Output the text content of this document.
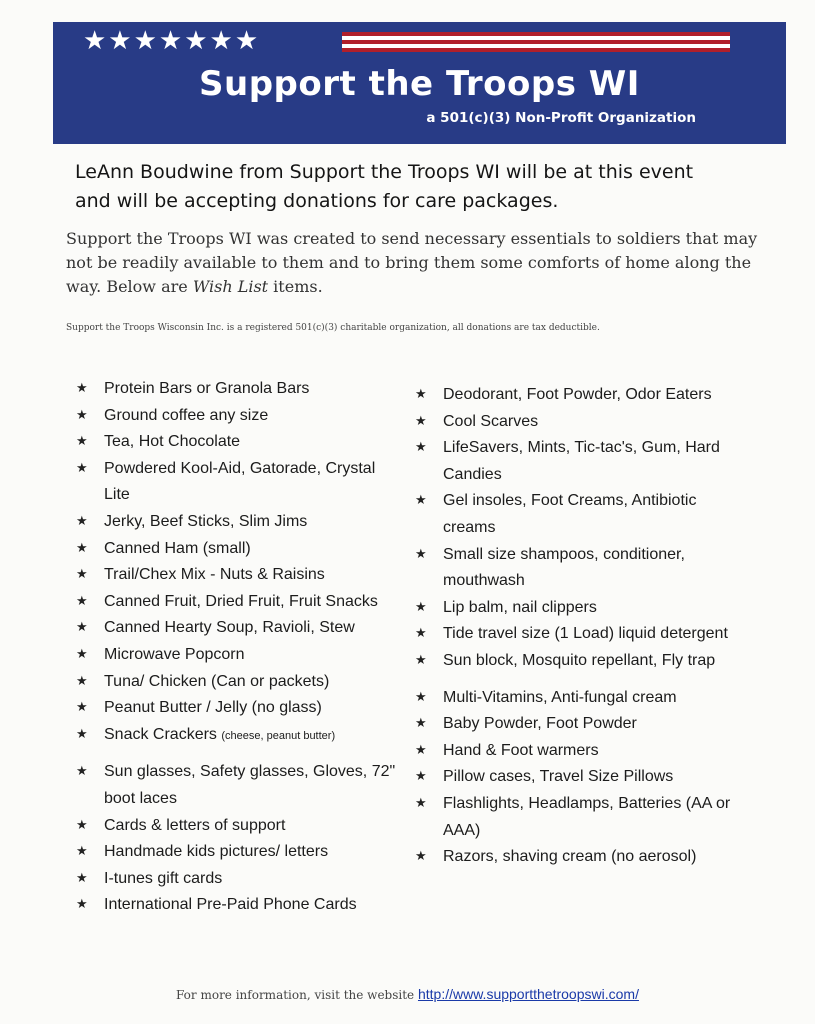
★★★★★★★
Support the Troops WI
a 501(c)(3) Non-Profit Organization
LeAnn Boudwine from Support the Troops WI will be at this event
and will be accepting donations for care packages.
Support the Troops WI was created to send necessary essentials to soldiers that may not be readily available to them and to bring them some comforts of home along the way. Below are Wish List items.
Support the Troops Wisconsin Inc. is a registered 501(c)(3) charitable organization, all donations are tax deductible.
★ Protein Bars or Granola Bars
★ Ground coffee any size
★ Tea, Hot Chocolate
★ Powdered Kool-Aid, Gatorade, Crystal Lite
★ Jerky, Beef Sticks, Slim Jims
★ Canned Ham (small)
★ Trail/Chex Mix - Nuts & Raisins
★ Canned Fruit, Dried Fruit, Fruit Snacks
★ Canned Hearty Soup, Ravioli, Stew
★ Microwave Popcorn
★ Tuna/ Chicken (Can or packets)
★ Peanut Butter / Jelly (no glass)
★ Snack Crackers (cheese, peanut butter)
★ Sun glasses, Safety glasses, Gloves, 72" boot laces
★ Cards & letters of support
★ Handmade kids pictures/ letters
★ I-tunes gift cards
★ International Pre-Paid Phone Cards
★ Deodorant, Foot Powder, Odor Eaters
★ Cool Scarves
★ LifeSavers, Mints, Tic-tac's, Gum, Hard Candies
★ Gel insoles, Foot Creams, Antibiotic creams
★ Small size shampoos, conditioner, mouthwash
★ Lip balm, nail clippers
★ Tide travel size (1 Load) liquid detergent
★ Sun block, Mosquito repellant, Fly trap
★ Multi-Vitamins, Anti-fungal cream
★ Baby Powder, Foot Powder
★ Hand & Foot warmers
★ Pillow cases, Travel Size Pillows
★ Flashlights, Headlamps, Batteries (AA or AAA)
★ Razors, shaving cream (no aerosol)
For more information, visit the website http://www.supportthetroopswi.com/
